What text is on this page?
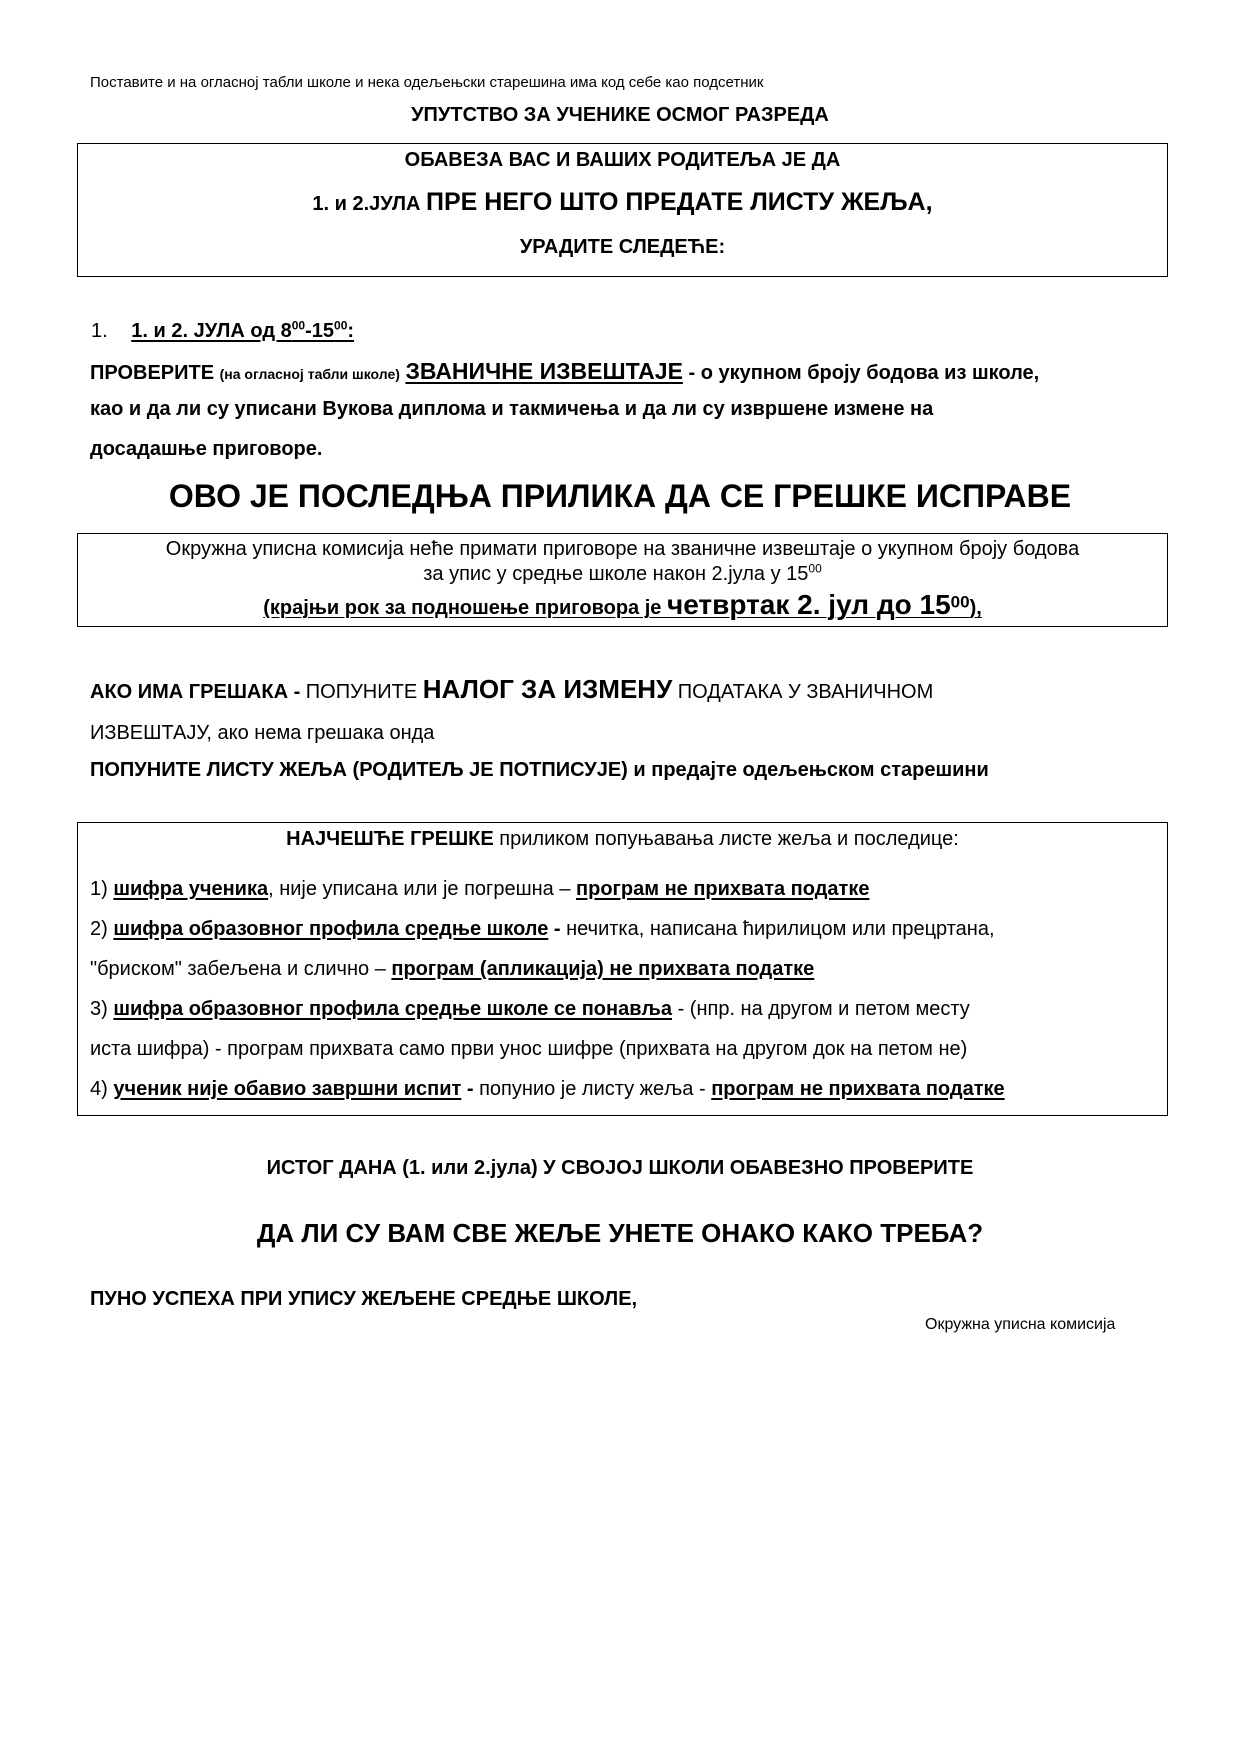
Поставите и на огласној табли школе и нека одељењски старешина има код себе као подсетник
УПУТСТВО ЗА УЧЕНИКЕ ОСМОГ РАЗРЕДА
ОБАВЕЗА ВАС И ВАШИХ РОДИТЕЉА ЈЕ ДА
1. и 2.ЈУЛА ПРЕ НЕГО ШТО ПРЕДАТЕ ЛИСТУ ЖЕЉА,
УРАДИТЕ СЛЕДЕЋЕ:
1. 1. и 2. ЈУЛА од $8^{00}-15^{00}$:
ПРОВЕРИТЕ (на огласној табли школе) ЗВАНИЧНЕ ИЗВЕШТАЈЕ - о укупном броју бодова из школе,
као и да ли су уписани Вукова диплома и такмичења и да ли су извршене измене на
досадашње приговоре.
ОВО ЈЕ ПОСЛЕДЊА ПРИЛИКА ДА СЕ ГРЕШКЕ ИСПРАВЕ
Окружна уписна комисија неће примати приговоре на званичне извештаје о укупном броју бодова
за упис у средње школе након 2.јула у $15^{00}$
(крајњи рок за подношење приговора је четвртак 2. јул до $15^{00}$),
АКО ИМА ГРЕШАКА - ПОПУНИТЕ НАЛОГ ЗА ИЗМЕНУ ПОДАТАКА У ЗВАНИЧНОМ
ИЗВЕШТАЈУ, ако нема грешака онда
ПОПУНИТЕ ЛИСТУ ЖЕЉА (РОДИТЕЉ ЈЕ ПОТПИСУЈЕ) и предајте одељењском старешини
НАЈЧЕШЋЕ ГРЕШКЕ приликом попуњавања листе жеља и последице:
1) шифра ученика, није уписана или је погрешна – програм не прихвата податке
2) шифра образовног профила средње школе - нечитка, написана ћирилицом или прецртана,
"бриском" забељена и слично – програм (апликација) не прихвата податке
3) шифра образовног профила средње школе се понавља - (нпр. на другом и петом месту
иста шифра) - програм прихвата само први унос шифре (прихвата на другом док на петом не)
4) ученик није обавио завршни испит - попунио је листу жеља - програм не прихвата податке
ИСТОГ ДАНА (1. или 2.јула) У СВОЈОЈ ШКОЛИ ОБАВЕЗНО ПРОВЕРИТЕ
ДА ЛИ СУ ВАМ СВЕ ЖЕЉЕ УНЕТЕ ОНАКО КАКО ТРЕБА?
ПУНО УСПЕХА ПРИ УПИСУ ЖЕЉЕНЕ СРЕДЊЕ ШКОЛЕ,
Окружна уписна комисија
